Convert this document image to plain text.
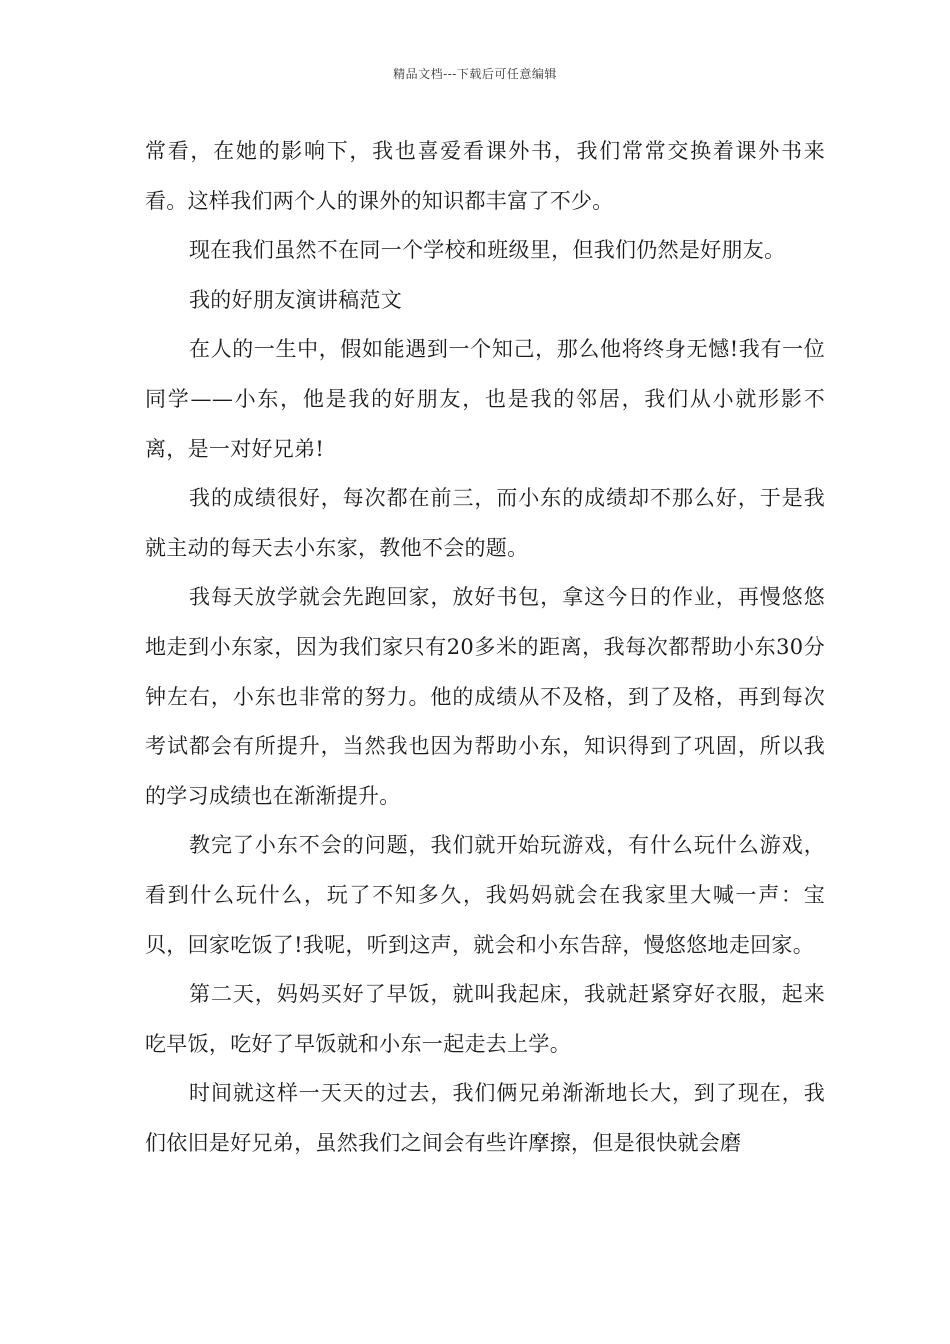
精品文档---下载后可任意编辑

常看，在她的影响下，我也喜爱看课外书，我们常常交换着课外书来看。这样我们两个人的课外的知识都丰富了不少。

现在我们虽然不在同一个学校和班级里，但我们仍然是好朋友。

我的好朋友演讲稿范文

在人的一生中，假如能遇到一个知己，那么他将终身无憾!我有一位同学——小东，他是我的好朋友，也是我的邻居，我们从小就形影不离，是一对好兄弟!

我的成绩很好，每次都在前三，而小东的成绩却不那么好，于是我就主动的每天去小东家，教他不会的题。

我每天放学就会先跑回家，放好书包，拿这今日的作业，再慢悠悠地走到小东家，因为我们家只有20多米的距离，我每次都帮助小东30分钟左右，小东也非常的努力。他的成绩从不及格，到了及格，再到每次考试都会有所提升，当然我也因为帮助小东，知识得到了巩固，所以我的学习成绩也在渐渐提升。

教完了小东不会的问题，我们就开始玩游戏，有什么玩什么游戏，看到什么玩什么，玩了不知多久，我妈妈就会在我家里大喊一声：宝贝，回家吃饭了!我呢，听到这声，就会和小东告辞，慢悠悠地走回家。

第二天，妈妈买好了早饭，就叫我起床，我就赶紧穿好衣服，起来吃早饭，吃好了早饭就和小东一起走去上学。

时间就这样一天天的过去，我们俩兄弟渐渐地长大，到了现在，我们依旧是好兄弟，虽然我们之间会有些许摩擦，但是很快就会磨
